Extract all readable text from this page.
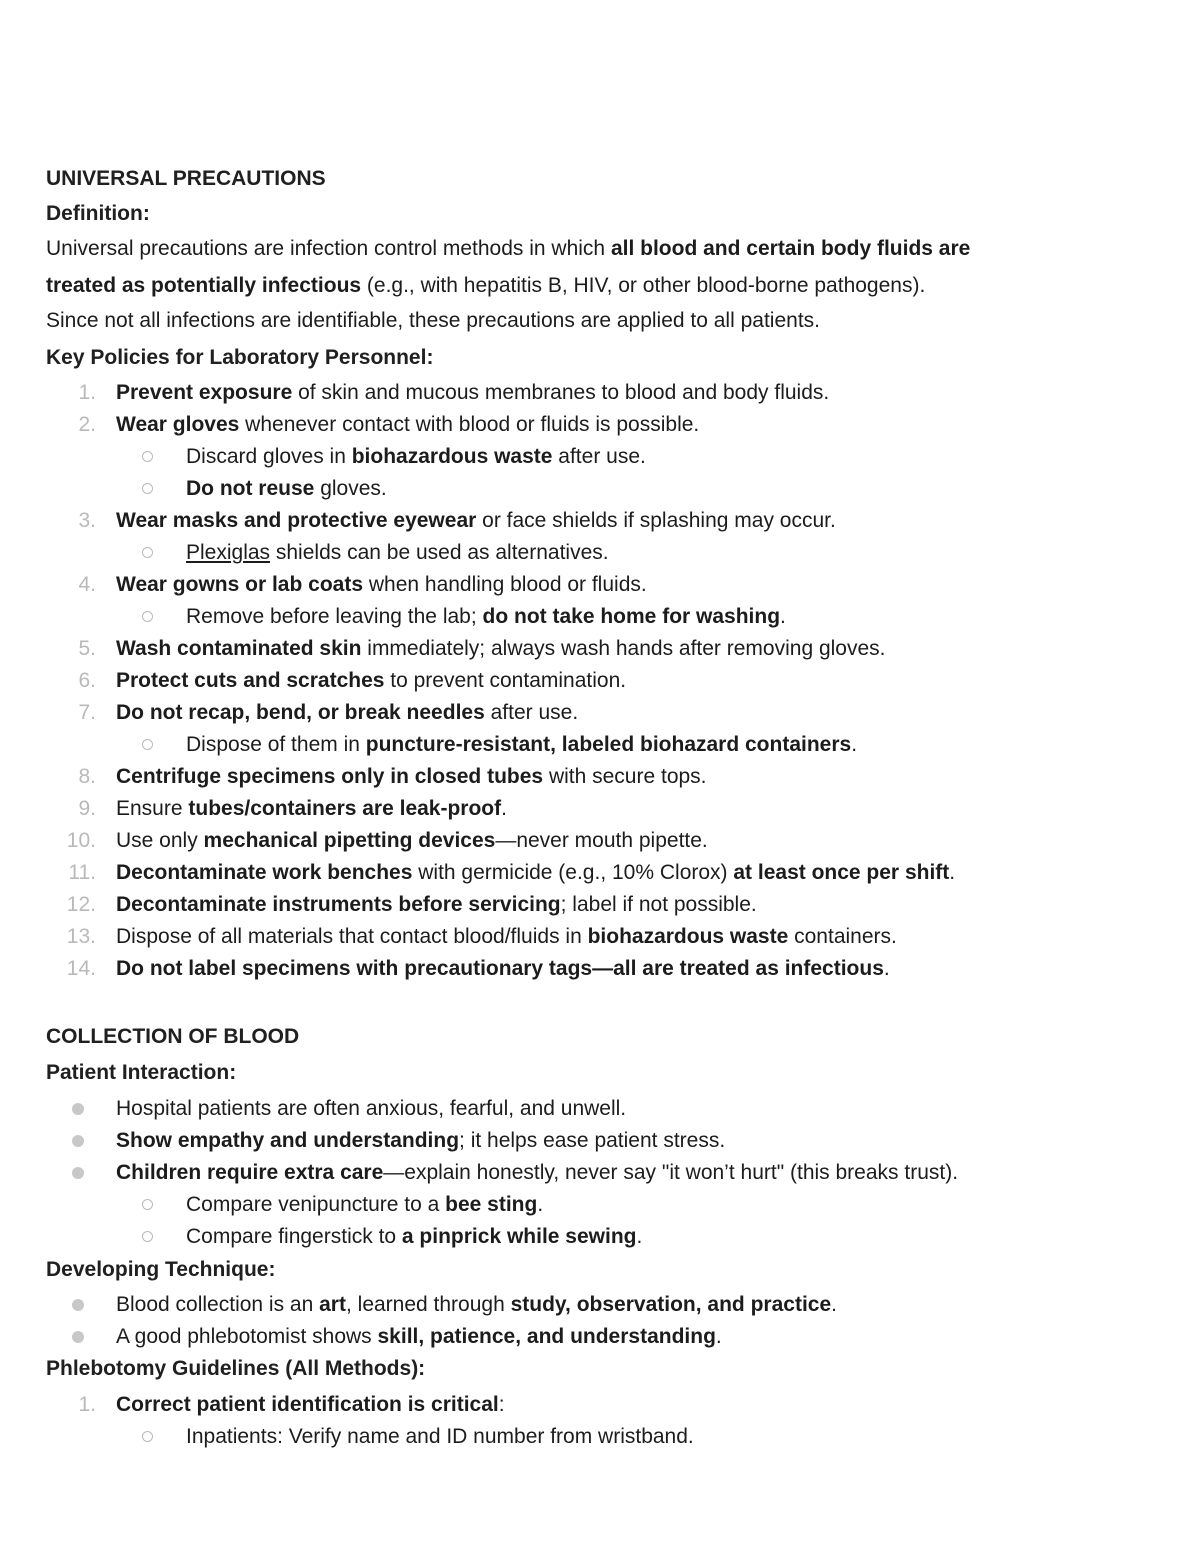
UNIVERSAL PRECAUTIONS
Definition:
Universal precautions are infection control methods in which all blood and certain body fluids are
treated as potentially infectious (e.g., with hepatitis B, HIV, or other blood-borne pathogens).
Since not all infections are identifiable, these precautions are applied to all patients.
Key Policies for Laboratory Personnel:
1. Prevent exposure of skin and mucous membranes to blood and body fluids.
2. Wear gloves whenever contact with blood or fluids is possible.
Discard gloves in biohazardous waste after use.
Do not reuse gloves.
3. Wear masks and protective eyewear or face shields if splashing may occur.
Plexiglas shields can be used as alternatives.
4. Wear gowns or lab coats when handling blood or fluids.
Remove before leaving the lab; do not take home for washing.
5. Wash contaminated skin immediately; always wash hands after removing gloves.
6. Protect cuts and scratches to prevent contamination.
7. Do not recap, bend, or break needles after use.
Dispose of them in puncture-resistant, labeled biohazard containers.
8. Centrifuge specimens only in closed tubes with secure tops.
9. Ensure tubes/containers are leak-proof.
10. Use only mechanical pipetting devices—never mouth pipette.
11. Decontaminate work benches with germicide (e.g., 10% Clorox) at least once per shift.
12. Decontaminate instruments before servicing; label if not possible.
13. Dispose of all materials that contact blood/fluids in biohazardous waste containers.
14. Do not label specimens with precautionary tags—all are treated as infectious.
COLLECTION OF BLOOD
Patient Interaction:
Hospital patients are often anxious, fearful, and unwell.
Show empathy and understanding; it helps ease patient stress.
Children require extra care—explain honestly, never say "it won’t hurt" (this breaks trust).
Compare venipuncture to a bee sting.
Compare fingerstick to a pinprick while sewing.
Developing Technique:
Blood collection is an art, learned through study, observation, and practice.
A good phlebotomist shows skill, patience, and understanding.
Phlebotomy Guidelines (All Methods):
1. Correct patient identification is critical:
Inpatients: Verify name and ID number from wristband.
